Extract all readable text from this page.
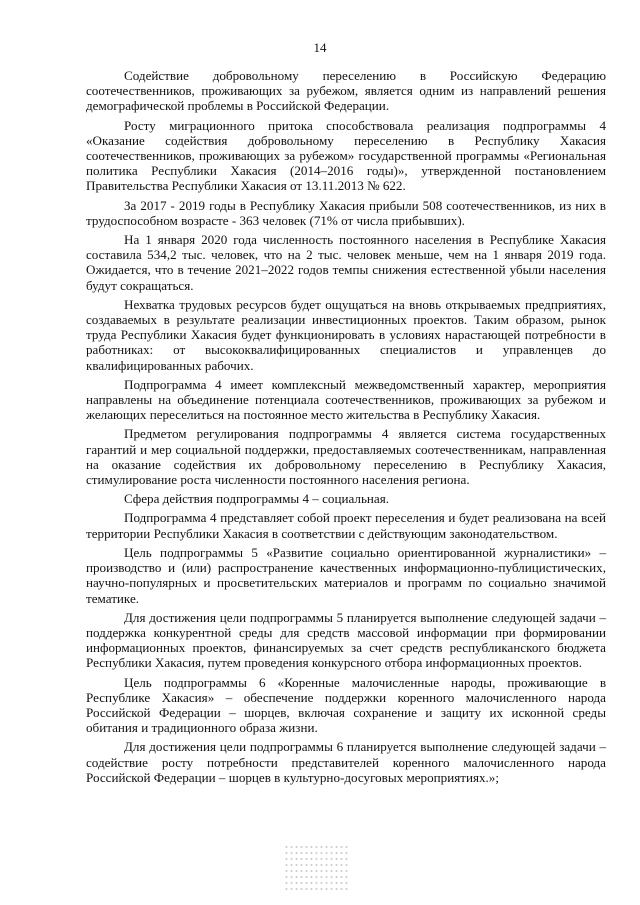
14

Содействие добровольному переселению в Российскую Федерацию соотечественников, проживающих за рубежом, является одним из направлений решения демографической проблемы в Российской Федерации.

Росту миграционного притока способствовала реализация подпрограммы 4 «Оказание содействия добровольному переселению в Республику Хакасия соотечественников, проживающих за рубежом» государственной программы «Региональная политика Республики Хакасия (2014–2016 годы)», утвержденной постановлением Правительства Республики Хакасия от 13.11.2013 № 622.

За 2017 - 2019 годы в Республику Хакасия прибыли 508 соотечественников, из них в трудоспособном возрасте - 363 человек (71% от числа прибывших).

На 1 января 2020 года численность постоянного населения в Республике Хакасия составила 534,2 тыс. человек, что на 2 тыс. человек меньше, чем на 1 января 2019 года. Ожидается, что в течение 2021–2022 годов темпы снижения естественной убыли населения будут сокращаться.

Нехватка трудовых ресурсов будет ощущаться на вновь открываемых предприятиях, создаваемых в результате реализации инвестиционных проектов. Таким образом, рынок труда Республики Хакасия будет функционировать в условиях нарастающей потребности в работниках: от высококвалифицированных специалистов и управленцев до квалифицированных рабочих.

Подпрограмма 4 имеет комплексный межведомственный характер, мероприятия направлены на объединение потенциала соотечественников, проживающих за рубежом и желающих переселиться на постоянное место жительства в Республику Хакасия.

Предметом регулирования подпрограммы 4 является система государственных гарантий и мер социальной поддержки, предоставляемых соотечественникам, направленная на оказание содействия их добровольному переселению в Республику Хакасия, стимулирование роста численности постоянного населения региона.

Сфера действия подпрограммы 4 – социальная.

Подпрограмма 4 представляет собой проект переселения и будет реализована на всей территории Республики Хакасия в соответствии с действующим законодательством.

Цель подпрограммы 5 «Развитие социально ориентированной журналистики» – производство и (или) распространение качественных информационно-публицистических, научно-популярных и просветительских материалов и программ по социально значимой тематике.

Для достижения цели подпрограммы 5 планируется выполнение следующей задачи – поддержка конкурентной среды для средств массовой информации при формировании информационных проектов, финансируемых за счет средств республиканского бюджета Республики Хакасия, путем проведения конкурсного отбора информационных проектов.

Цель подпрограммы 6 «Коренные малочисленные народы, проживающие в Республике Хакасия» – обеспечение поддержки коренного малочисленного народа Российской Федерации – шорцев, включая сохранение и защиту их исконной среды обитания и традиционного образа жизни.

Для достижения цели подпрограммы 6 планируется выполнение следующей задачи – содействие росту потребности представителей коренного малочисленного народа Российской Федерации – шорцев в культурно-досуговых мероприятиях.»;
